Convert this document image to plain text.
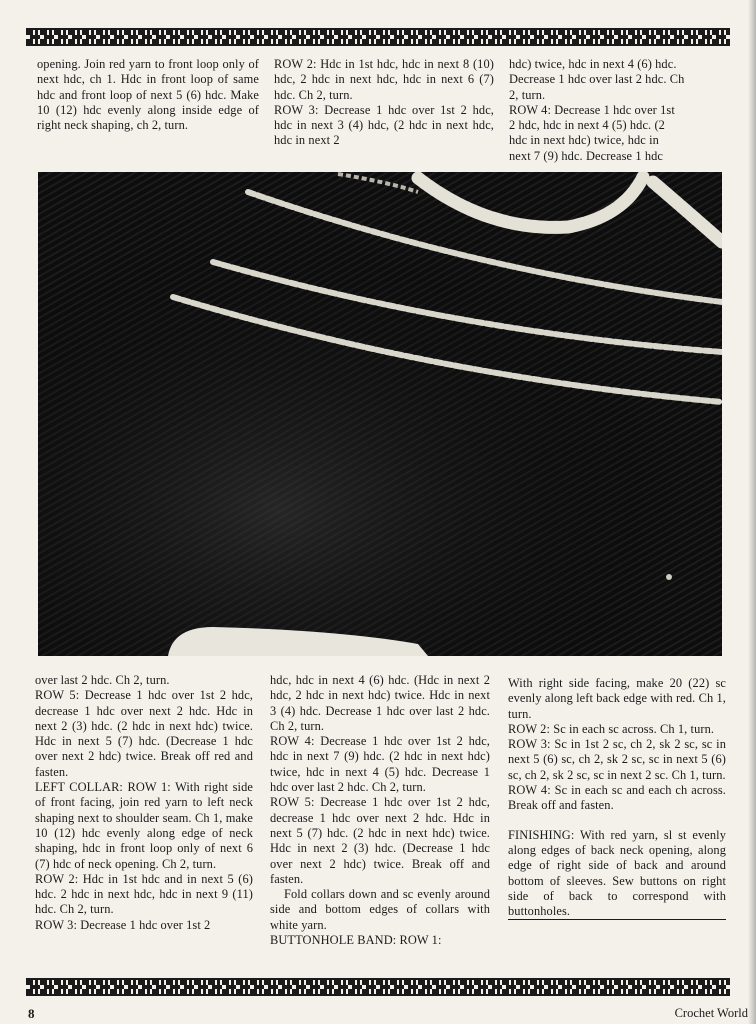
opening. Join red yarn to front loop only of next hdc, ch 1. Hdc in front loop of same hdc and front loop of next 5 (6) hdc. Make 10 (12) hdc evenly along inside edge of right neck shaping, ch 2, turn.

ROW 2: Hdc in 1st hdc, hdc in next 8 (10) hdc, 2 hdc in next hdc, hdc in next 6 (7) hdc. Ch 2, turn.

ROW 3: Decrease 1 hdc over 1st 2 hdc, hdc in next 3 (4) hdc, (2 hdc in next hdc, hdc in next 2

hdc) twice, hdc in next 4 (6) hdc.

Decrease 1 hdc over last 2 hdc. Ch

2, turn.

ROW 4: Decrease 1 hdc over 1st

2 hdc, hdc in next 4 (5) hdc. (2

hdc in next hdc) twice, hdc in

next 7 (9) hdc. Decrease 1 hdc

over last 2 hdc. Ch 2, turn.

ROW 5: Decrease 1 hdc over 1st 2 hdc, decrease 1 hdc over next 2 hdc. Hdc in next 2 (3) hdc. (2 hdc in next hdc) twice. Hdc in next 5 (7) hdc. (Decrease 1 hdc over next 2 hdc) twice. Break off red and fasten.

LEFT COLLAR: ROW 1: With right side of front facing, join red yarn to left neck shaping next to shoulder seam. Ch 1, make 10 (12) hdc evenly along edge of neck shaping, hdc in front loop only of next 6 (7) hdc of neck opening. Ch 2, turn.

ROW 2: Hdc in 1st hdc and in next 5 (6) hdc. 2 hdc in next hdc, hdc in next 9 (11) hdc. Ch 2, turn.

ROW 3: Decrease 1 hdc over 1st 2

hdc, hdc in next 4 (6) hdc. (Hdc in next 2 hdc, 2 hdc in next hdc) twice. Hdc in next 3 (4) hdc. Decrease 1 hdc over last 2 hdc. Ch 2, turn.

ROW 4: Decrease 1 hdc over 1st 2 hdc, hdc in next 7 (9) hdc. (2 hdc in next hdc) twice, hdc in next 4 (5) hdc. Decrease 1 hdc over last 2 hdc. Ch 2, turn.

ROW 5: Decrease 1 hdc over 1st 2 hdc, decrease 1 hdc over next 2 hdc. Hdc in next 5 (7) hdc. (2 hdc in next hdc) twice. Hdc in next 2 (3) hdc. (Decrease 1 hdc over next 2 hdc) twice. Break off and fasten.

Fold collars down and sc evenly around side and bottom edges of collars with white yarn.

BUTTONHOLE BAND: ROW 1:

With right side facing, make 20 (22) sc evenly along left back edge with red. Ch 1, turn.

ROW 2: Sc in each sc across. Ch 1, turn.

ROW 3: Sc in 1st 2 sc, ch 2, sk 2 sc, sc in next 5 (6) sc, ch 2, sk 2 sc, sc in next 5 (6) sc, ch 2, sk 2 sc, sc in next 2 sc. Ch 1, turn.

ROW 4: Sc in each sc and each ch across. Break off and fasten.

FINISHING: With red yarn, sl st evenly along edges of back neck opening, along edge of right side of back and around bottom of sleeves. Sew buttons on right side of back to correspond with buttonholes.

8	Crochet World
